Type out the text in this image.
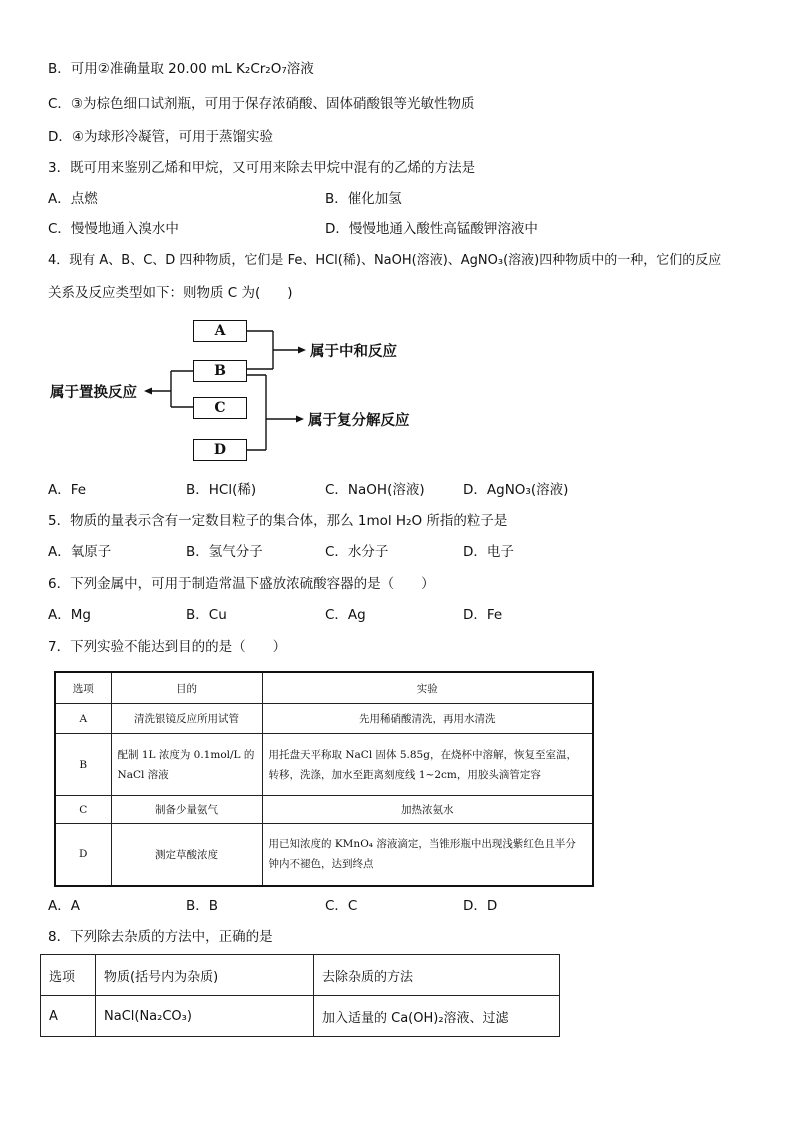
B．可用②准确量取 20.00 mL K₂Cr₂O₇溶液
C．③为棕色细口试剂瓶，可用于保存浓硝酸、固体硝酸银等光敏性物质
D．④为球形冷凝管，可用于蒸馏实验
3．既可用来鉴别乙烯和甲烷，又可用来除去甲烷中混有的乙烯的方法是
A．点燃	B．催化加氢
C．慢慢地通入溴水中	D．慢慢地通入酸性高锰酸钾溶液中
4．现有 A、B、C、D 四种物质，它们是 Fe、HCl(稀)、NaOH(溶液)、AgNO₃(溶液)四种物质中的一种，它们的反应
关系及反应类型如下：则物质 C 为(　　)
A
B
C
D
属于置换反应
属于中和反应
属于复分解反应
A．Fe	B．HCl(稀)	C．NaOH(溶液)	D．AgNO₃(溶液)
5．物质的量表示含有一定数目粒子的集合体，那么 1mol H₂O 所指的粒子是
A．氧原子	B．氢气分子	C．水分子	D．电子
6．下列金属中，可用于制造常温下盛放浓硫酸容器的是（　　）
A．Mg	B．Cu	C．Ag	D．Fe
7．下列实验不能达到目的的是（　　）
选项	目的	实验
A	清洗银镜反应所用试管	先用稀硝酸清洗，再用水清洗
B	配制 1L 浓度为 0.1mol/L 的 NaCl 溶液	用托盘天平称取 NaCl 固体 5.85g，在烧杯中溶解，恢复至室温，转移，洗涤，加水至距离刻度线 1~2cm，用胶头滴管定容
C	制备少量氨气	加热浓氨水
D	测定草酸浓度	用已知浓度的 KMnO₄ 溶液滴定，当锥形瓶中出现浅紫红色且半分钟内不褪色，达到终点
A．A	B．B	C．C	D．D
8．下列除去杂质的方法中，正确的是
选项	物质(括号内为杂质)	去除杂质的方法
A	NaCl(Na₂CO₃)	加入适量的 Ca(OH)₂溶液、过滤
